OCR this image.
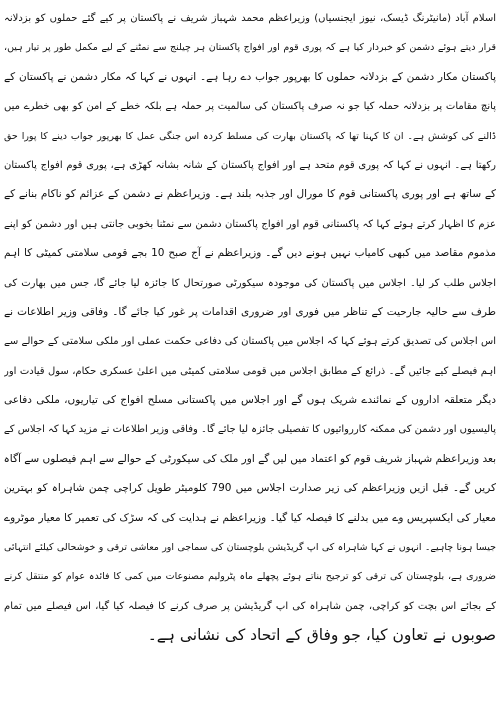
اسلام آباد (مانیٹرنگ ڈیسک، نیوز ایجنسیاں) وزیراعظم محمد شہباز شریف نے پاکستان پر کیے گئے حملوں کو بزدلانہ
قرار دیتے ہوئے دشمن کو خبردار کیا ہے کہ پوری قوم اور افواج پاکستان ہر چیلنج سے نمٹنے کے لیے مکمل طور پر تیار ہیں،
پاکستان مکار دشمن کے بزدلانہ حملوں کا بھرپور جواب دے رہا ہے۔ انہوں نے کہا کہ مکار دشمن نے پاکستان کے
پانچ مقامات پر بزدلانہ حملہ کیا جو نہ صرف پاکستان کی سالمیت پر حملہ ہے بلکہ خطے کے امن کو بھی خطرے میں
ڈالنے کی کوشش ہے۔ ان کا کہنا تھا کہ پاکستان بھارت کی مسلط کردہ اس جنگی عمل کا بھرپور جواب دینے کا پورا حق
رکھتا ہے۔ انہوں نے کہا کہ پوری قوم متحد ہے اور افواج پاکستان کے شانہ بشانہ کھڑی ہے، پوری قوم افواج پاکستان
کے ساتھ ہے اور پوری پاکستانی قوم کا مورال اور جذبہ بلند ہے۔ وزیراعظم نے دشمن کے عزائم کو ناکام بنانے کے
عزم کا اظہار کرتے ہوئے کہا کہ پاکستانی قوم اور افواج پاکستان دشمن سے نمٹنا بخوبی جانتی ہیں اور دشمن کو اپنے
مذموم مقاصد میں کبھی کامیاب نہیں ہونے دیں گے۔ وزیراعظم نے آج صبح 10 بجے قومی سلامتی کمیٹی کا اہم
اجلاس طلب کر لیا۔ اجلاس میں پاکستان کی موجودہ سیکورٹی صورتحال کا جائزہ لیا جائے گا، جس میں بھارت کی
طرف سے حالیہ جارحیت کے تناظر میں فوری اور ضروری اقدامات پر غور کیا جائے گا۔ وفاقی وزیر اطلاعات نے
اس اجلاس کی تصدیق کرتے ہوئے کہا کہ اجلاس میں پاکستان کی دفاعی حکمت عملی اور ملکی سلامتی کے حوالے سے
اہم فیصلے کیے جائیں گے۔ ذرائع کے مطابق اجلاس میں قومی سلامتی کمیٹی میں اعلیٰ عسکری حکام، سول قیادت اور
دیگر متعلقہ اداروں کے نمائندے شریک ہوں گے اور اجلاس میں پاکستانی مسلح افواج کی تیاریوں، ملکی دفاعی
پالیسیوں اور دشمن کی ممکنہ کارروائیوں کا تفصیلی جائزہ لیا جائے گا۔ وفاقی وزیر اطلاعات نے مزید کہا کہ اجلاس کے
بعد وزیراعظم شہباز شریف قوم کو اعتماد میں لیں گے اور ملک کی سیکورٹی کے حوالے سے اہم فیصلوں سے آگاہ
کریں گے۔ قبل ازیں وزیراعظم کی زیر صدارت اجلاس میں 790 کلومیٹر طویل کراچی چمن شاہراہ کو بہترین
معیار کی ایکسپریس وے میں بدلنے کا فیصلہ کیا گیا۔ وزیراعظم نے ہدایت کی کہ سڑک کی تعمیر کا معیار موٹروے
جیسا ہونا چاہیے۔ انہوں نے کہا شاہراہ کی اپ گریڈیشن بلوچستان کی سماجی اور معاشی ترقی و خوشحالی کیلئے انتہائی
ضروری ہے، بلوچستان کی ترقی کو ترجیح بناتے ہوئے پچھلے ماہ پٹرولیم مصنوعات میں کمی کا فائدہ عوام کو منتقل کرنے
کے بجائے اس بچت کو کراچی، چمن شاہراہ کی اپ گریڈیشن پر صرف کرنے کا فیصلہ کیا گیا، اس فیصلے میں تمام
صوبوں نے تعاون کیا، جو وفاق کے اتحاد کی نشانی ہے۔
